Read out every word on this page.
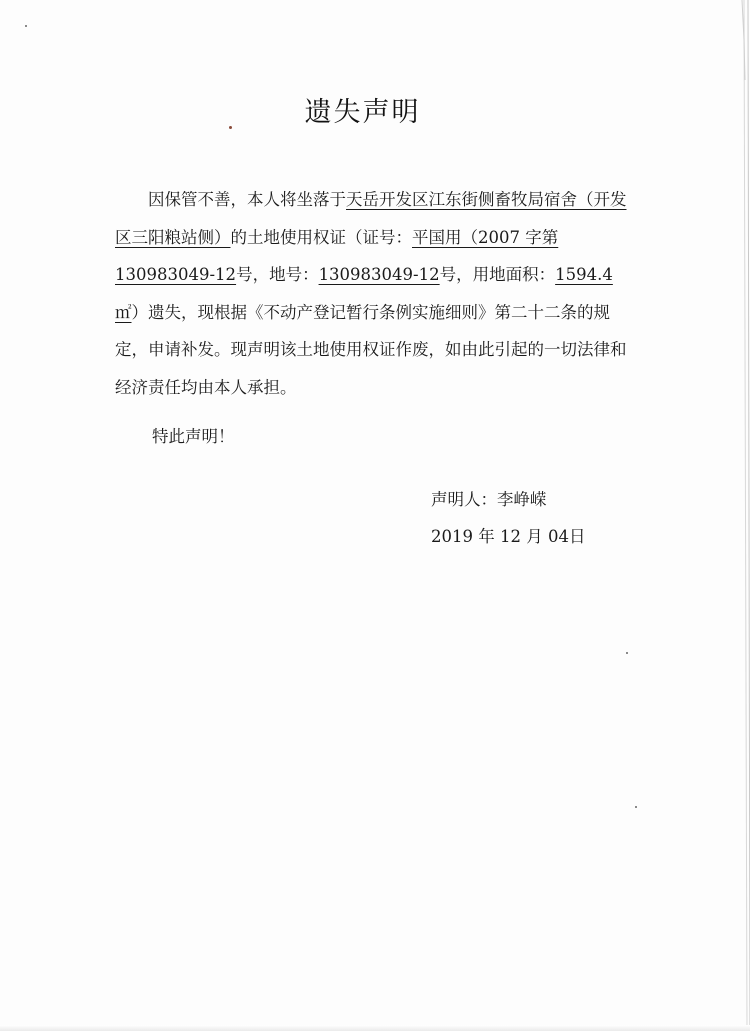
遗失声明
因保管不善，本人将坐落于天岳开发区江东街侧畜牧局宿舍（开发区三阳粮站侧）的土地使用权证（证号：平国用（2007 字第 130983049-12号，地号：130983049-12号，用地面积：1594.4 ㎡）遗失，现根据《不动产登记暂行条例实施细则》第二十二条的规定，申请补发。现声明该土地使用权证作废，如由此引起的一切法律和经济责任均由本人承担。
特此声明！
声明人：李峥嵘
2019 年 12 月 04日
